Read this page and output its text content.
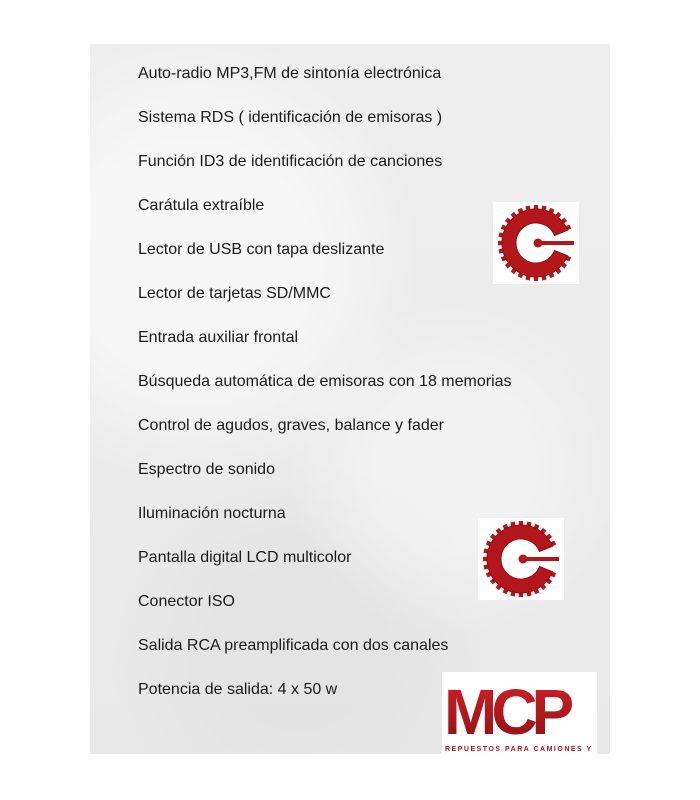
Auto-radio MP3,FM de sintonía electrónica
Sistema RDS ( identificación de emisoras )
Función ID3 de identificación de canciones
Carátula extraíble
Lector de USB con tapa deslizante
Lector de tarjetas SD/MMC
Entrada auxiliar frontal
Búsqueda automática de emisoras con 18 memorias
Control de agudos, graves, balance y fader
Espectro de sonido
Iluminación nocturna
Pantalla digital LCD multicolor
Conector ISO
Salida RCA preamplificada con dos canales
Potencia de salida: 4 x 50 w	MCP
REPUESTOS PARA CAMIONES Y
